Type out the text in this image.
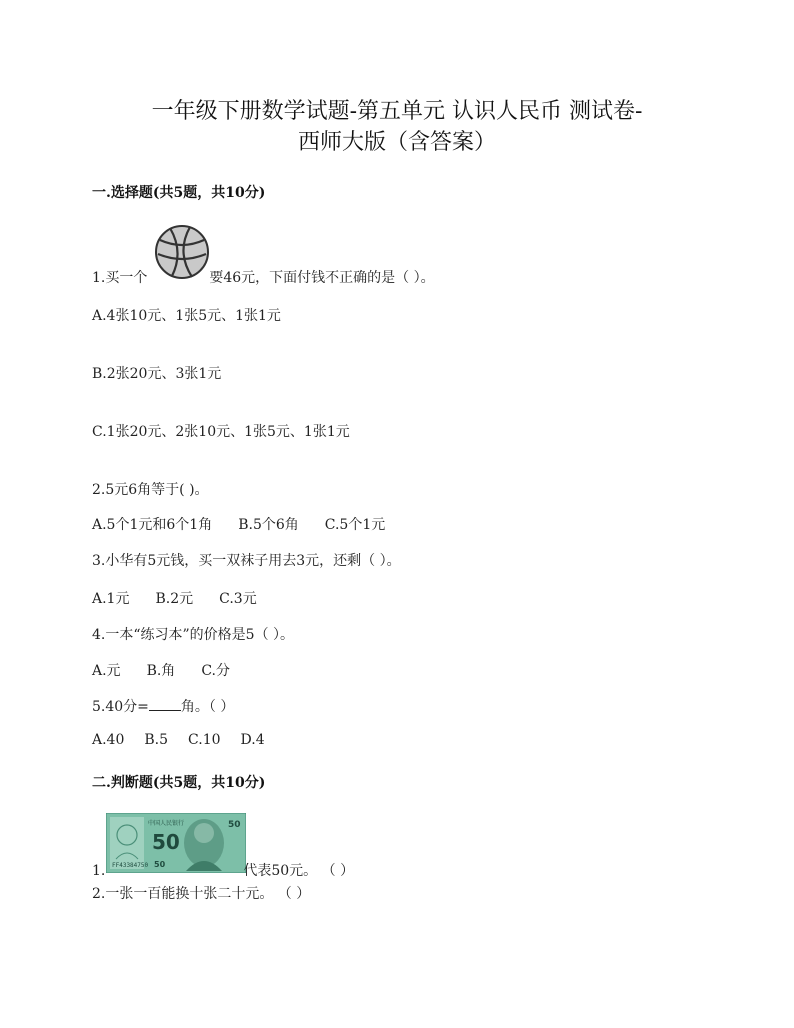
一年级下册数学试题-第五单元 认识人民币 测试卷-
西师大版（含答案）
一.选择题(共5题，共10分)
1.买一个	要46元，下面付钱不正确的是（ ）。
A.4张10元、1张5元、1张1元
B.2张20元、3张1元
C.1张20元、2张10元、1张5元、1张1元
2.5元6角等于( )。
A.5个1元和6个1角 B.5个6角 C.5个1元
3.小华有5元钱，买一双袜子用去3元，还剩（ ）。
A.1元 B.2元 C.3元
4.一本“练习本”的价格是5（ ）。
A.元 B.角 C.分
5.40分= 角。（ ）
A.40 B.5 C.10 D.4
二.判断题(共5题，共10分)
中国人民银行
50
FF43384750 50
50
1.	代表50元。 （ ）
2.一张一百能换十张二十元。 （ ）
